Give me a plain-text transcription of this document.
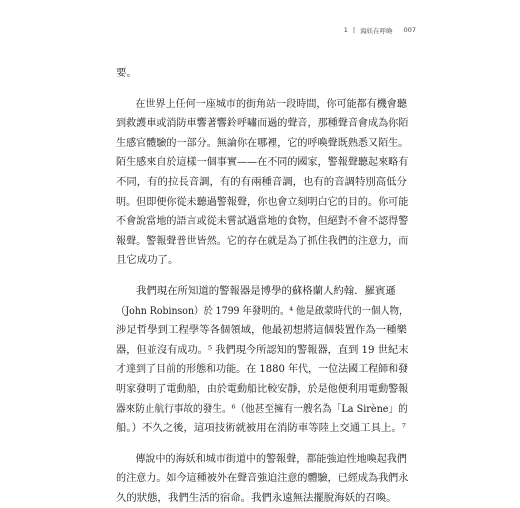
1 | 海妖在呼喚 007

要。

在世界上任何一座城市的街角站一段時間，你可能都有機會聽
到救護車或消防車響著響鈴呼嘯而過的聲音，那種聲音會成為你陌
生感官體驗的一部分。無論你在哪裡，它的呼喚聲既熟悉又陌生。
陌生感來自於這樣一個事實——在不同的國家，警報聲聽起來略有
不同，有的拉長音調，有的有兩種音調，也有的音調特別高低分
明。但即便你從未聽過警報聲，你也會立刻明白它的目的。你可能
不會說當地的語言或從未嘗試過當地的食物，但絕對不會不認得警
報聲。警報聲普世皆然。它的存在就是為了抓住我們的注意力，而
且它成功了。

我們現在所知道的警報器是博學的蘇格蘭人約翰．羅賓遜
（John Robinson）於 1799 年發明的。⁴ 他是啟蒙時代的一個人物，
涉足哲學到工程學等各個領域，他最初想將這個裝置作為一種樂
器，但並沒有成功。⁵ 我們現今所認知的警報器，直到 19 世紀末
才達到了目前的形態和功能。在 1880 年代，一位法國工程師和發
明家發明了電動船，由於電動船比較安靜，於是他便利用電動警報
器來防止航行事故的發生。⁶（他甚至擁有一艘名為「La Sirène」的
船。）不久之後，這項技術就被用在消防車等陸上交通工具上。⁷

傳說中的海妖和城市街道中的警報聲，都能強迫性地喚起我們
的注意力。如今這種被外在聲音強迫注意的體驗，已經成為我們永
久的狀態，我們生活的宿命。我們永遠無法擺脫海妖的召喚。
